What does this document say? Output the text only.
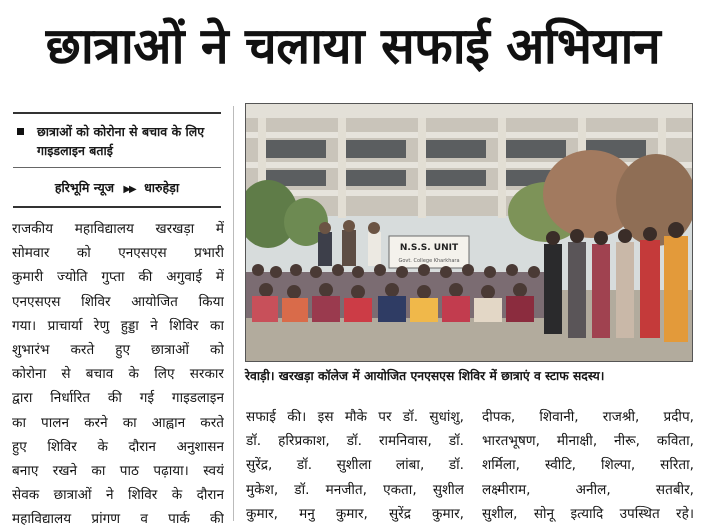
छात्राओं ने चलाया सफाई अभियान
छात्राओं को कोरोना से बचाव के लिए गाइडलाइन बताई
हरिभूमि न्यूज ▶▶ धारुहेड़ा
राजकीय महाविद्यालय खरखड़ा में
सोमवार को एनएसएस प्रभारी
कुमारी ज्योति गुप्ता की अगुवाई में
एनएसएस शिविर आयोजित किया
गया। प्राचार्या रेणु हुड्डा ने शिविर का
शुभारंभ करते हुए छात्राओं को
कोरोना से बचाव के लिए सरकार
द्वारा निर्धारित की गई गाइडलाइन
का पालन करने का आह्वान करते
हुए शिविर के दौरान अनुशासन
बनाए रखने का पाठ पढ़ाया। स्वयं
सेवक छात्राओं ने शिविर के दौरान
महाविद्यालय प्रांगण व पार्क की
सफाई की। इस मौके पर डॉ. सुधांशु,
डॉ. हरिप्रकाश, डॉ. रामनिवास, डॉ.
सुरेंद्र, डॉ. सुशीला लांबा, डॉ.
मुकेश, डॉ. मनजीत, एकता, सुशील
कुमार, मनु कुमार, सुरेंद्र कुमार,
दीपक, शिवानी, राजश्री, प्रदीप,
भारतभूषण, मीनाक्षी, नीरू, कविता,
शर्मिला, स्वीटि, शिल्पा, सरिता,
लक्ष्मीराम, अनील, सतबीर,
सुशील, सोनू इत्यादि उपस्थित रहे।
N.S.S. UNIT
Govt. College Kharkhara
रेवाड़ी। खरखड़ा कॉलेज में आयोजित एनएसएस शिविर में छात्राएं व स्टाफ सदस्य।
